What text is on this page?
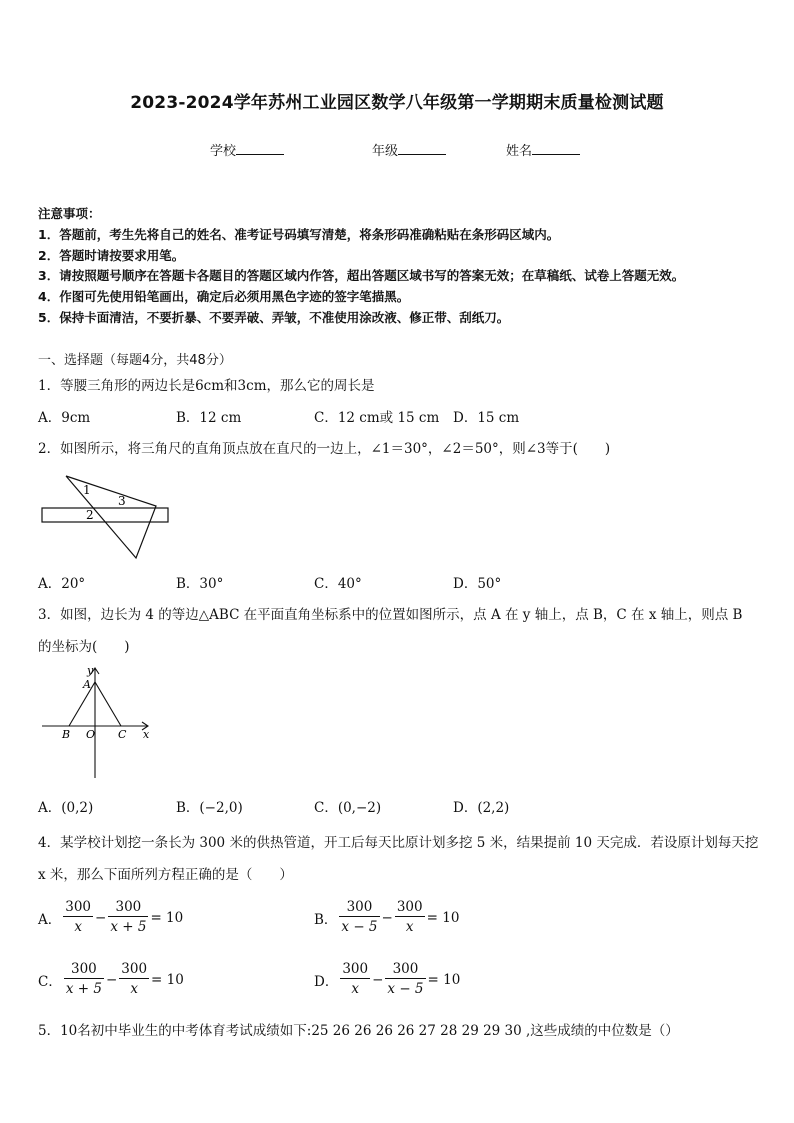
2023-2024学年苏州工业园区数学八年级第一学期期末质量检测试题
学校	年级	姓名
注意事项：
1．答题前，考生先将自己的姓名、准考证号码填写清楚，将条形码准确粘贴在条形码区域内。
2．答题时请按要求用笔。
3．请按照题号顺序在答题卡各题目的答题区域内作答，超出答题区域书写的答案无效；在草稿纸、试卷上答题无效。
4．作图可先使用铅笔画出，确定后必须用黑色字迹的签字笔描黑。
5．保持卡面清洁，不要折暴、不要弄破、弄皱，不准使用涂改液、修正带、刮纸刀。
一、选择题（每题4分，共48分）
1．等腰三角形的两边长是6cm和3cm，那么它的周长是
A．9cm	B．12 cm	C．12 cm或 15 cm D．15 cm
2．如图所示，将三角尺的直角顶点放在直尺的一边上，∠1＝30°，∠2＝50°，则∠3等于(　　)
1
3
2
A．20°	B．30°	C．40°	D．50°
3．如图，边长为 4 的等边△ABC 在平面直角坐标系中的位置如图所示，点 A 在 y 轴上，点 B，C 在 x 轴上，则点 B
的坐标为(　　)
y
A
B O C x
A．(0,2)	B．(−2,0)	C．(0,−2)	D．(2,2)
4．某学校计划挖一条长为 300 米的供热管道，开工后每天比原计划多挖 5 米，结果提前 10 天完成．若设原计划每天挖
x 米，那么下面所列方程正确的是（　　）
A． $\frac{300}{x} - \frac{300}{x + 5} = 10$	B． $\frac{300}{x - 5} - \frac{300}{x} = 10$
C． $\frac{300}{x + 5} - \frac{300}{x} = 10$	D． $\frac{300}{x} - \frac{300}{x - 5} = 10$
5．10名初中毕业生的中考体育考试成绩如下:25 26 26 26 26 27 28 29 29 30 ,这些成绩的中位数是（）
